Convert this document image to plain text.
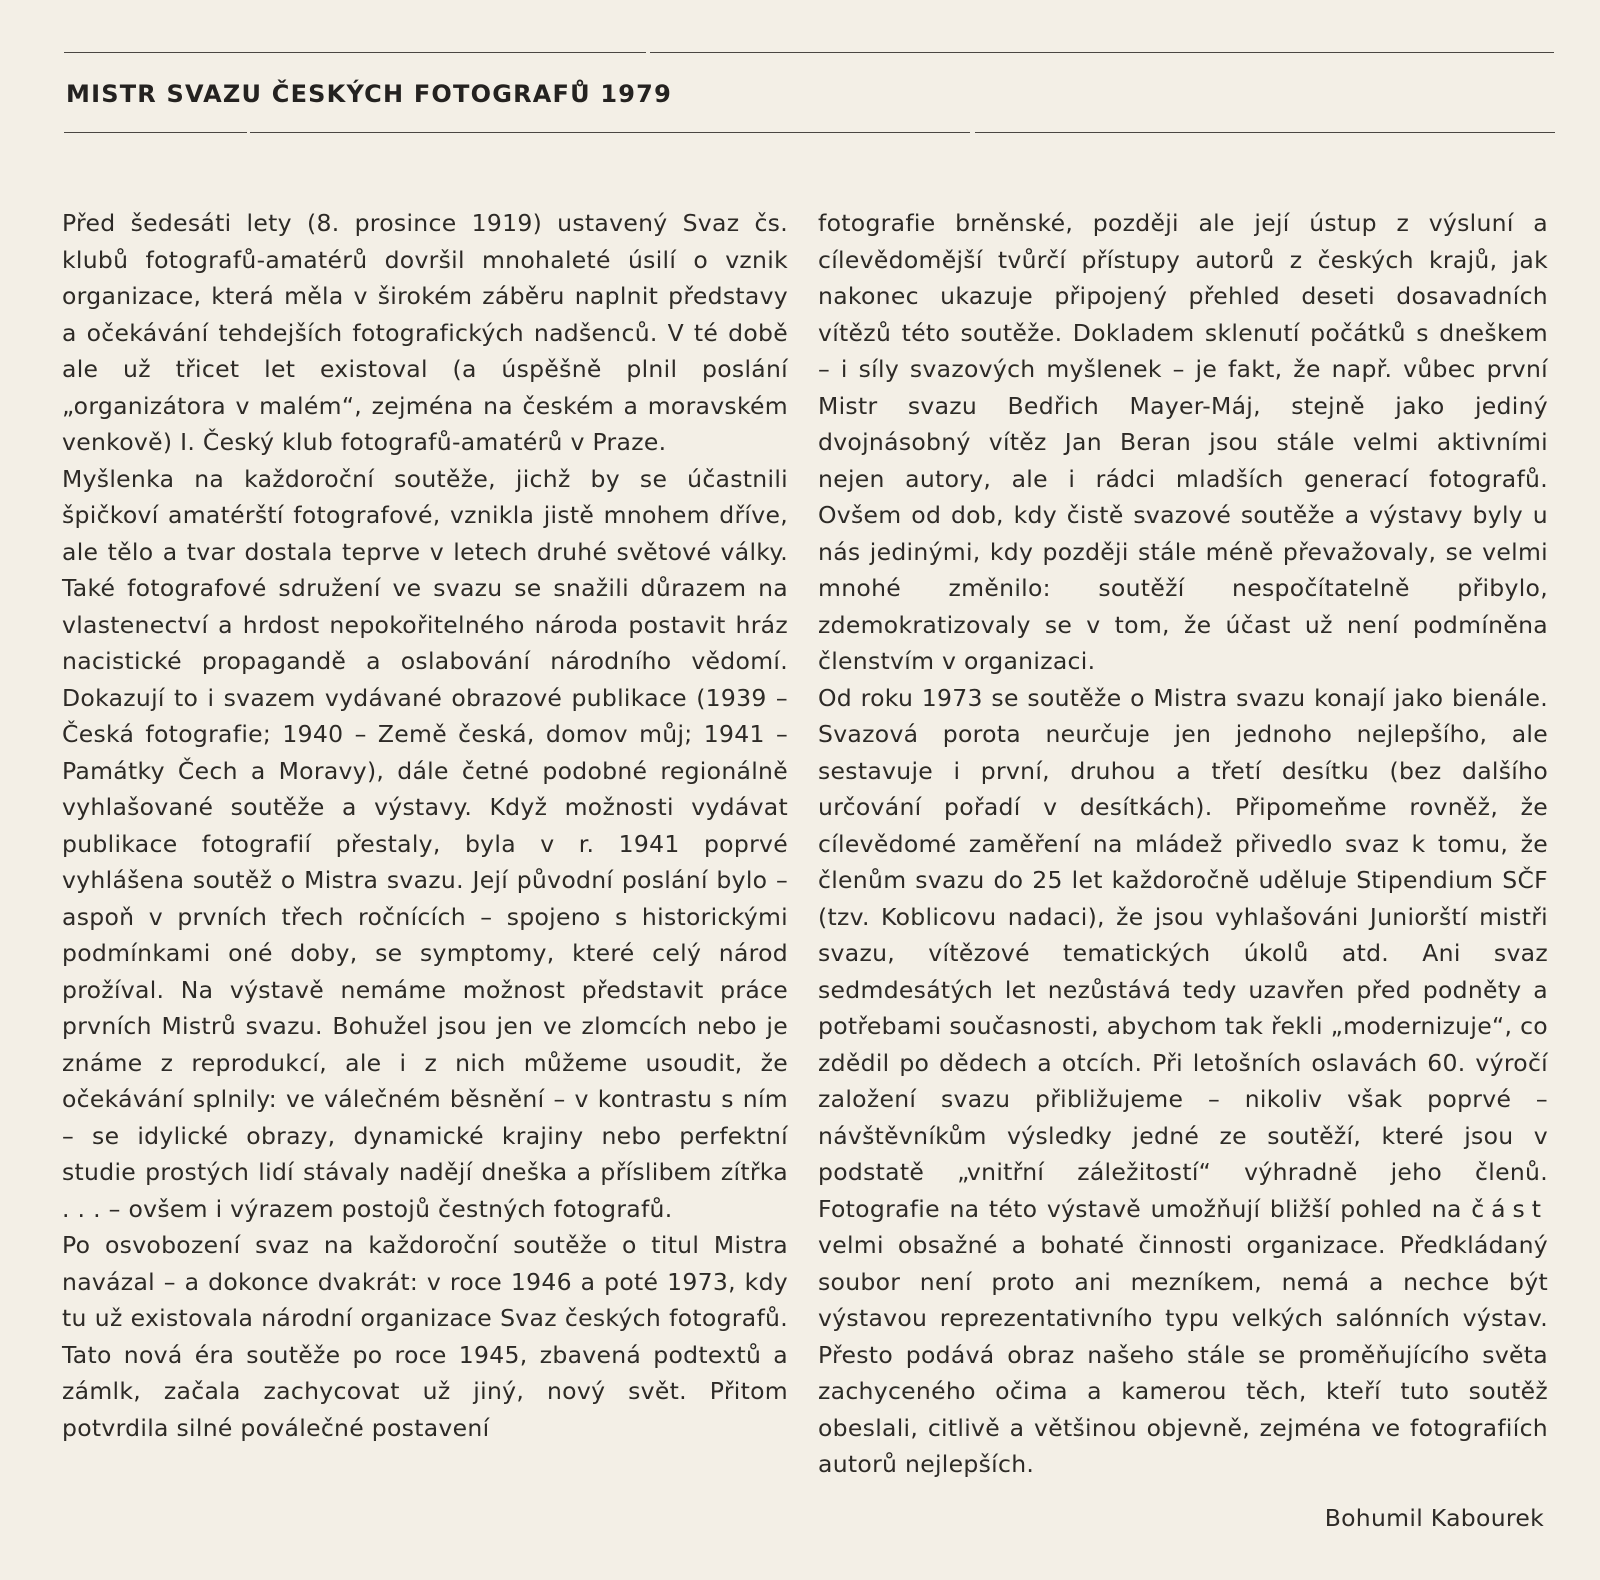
MISTR SVAZU ČESKÝCH FOTOGRAFŮ 1979

Před šedesáti lety (8. prosince 1919) ustavený Svaz čs. klubů fotografů-amatérů dovršil mnohaleté úsilí o vznik organizace, která měla v širokém záběru naplnit představy a očekávání tehdejších fotografických nadšenců. V té době ale už třicet let existoval (a úspěšně plnil poslání „organizátora v malém“, zejména na českém a moravském venkově) I. Český klub fotografů-amatérů v Praze.

Myšlenka na každoroční soutěže, jichž by se účastnili špičkoví amatérští fotografové, vznikla jistě mnohem dříve, ale tělo a tvar dostala teprve v letech druhé světové války. Také fotografové sdružení ve svazu se snažili důrazem na vlastenectví a hrdost nepokořitelného národa postavit hráz nacistické propagandě a oslabování národního vědomí. Dokazují to i svazem vydávané obrazové publikace (1939 – Česká fotografie; 1940 – Země česká, domov můj; 1941 – Památky Čech a Moravy), dále četné podobné regionálně vyhlašované soutěže a výstavy. Když možnosti vydávat publikace fotografií přestaly, byla v r. 1941 poprvé vyhlášena soutěž o Mistra svazu. Její původní poslání bylo – aspoň v prvních třech ročnících – spojeno s historickými podmínkami oné doby, se symptomy, které celý národ prožíval. Na výstavě nemáme možnost představit práce prvních Mistrů svazu. Bohužel jsou jen ve zlomcích nebo je známe z reprodukcí, ale i z nich můžeme usoudit, že očekávání splnily: ve válečném běsnění – v kontrastu s ním – se idylické obrazy, dynamické krajiny nebo perfektní studie prostých lidí stávaly nadějí dneška a příslibem zítřka . . . – ovšem i výrazem postojů čestných fotografů.

Po osvobození svaz na každoroční soutěže o titul Mistra navázal – a dokonce dvakrát: v roce 1946 a poté 1973, kdy tu už existovala národní organizace Svaz českých fotografů. Tato nová éra soutěže po roce 1945, zbavená podtextů a zámlk, začala zachycovat už jiný, nový svět. Přitom potvrdila silné poválečné postavení

fotografie brněnské, později ale její ústup z výsluní a cílevědomější tvůrčí přístupy autorů z českých krajů, jak nakonec ukazuje připojený přehled deseti dosavadních vítězů této soutěže. Dokladem sklenutí počátků s dneškem – i síly svazových myšlenek – je fakt, že např. vůbec první Mistr svazu Bedřich Mayer-Máj, stejně jako jediný dvojnásobný vítěz Jan Beran jsou stále velmi aktivními nejen autory, ale i rádci mladších generací fotografů. Ovšem od dob, kdy čistě svazové soutěže a výstavy byly u nás jedinými, kdy později stále méně převažovaly, se velmi mnohé změnilo: soutěží nespočítatelně přibylo, zdemokratizovaly se v tom, že účast už není podmíněna členstvím v organizaci.

Od roku 1973 se soutěže o Mistra svazu konají jako bienále. Svazová porota neurčuje jen jednoho nejlepšího, ale sestavuje i první, druhou a třetí desítku (bez dalšího určování pořadí v desítkách). Připomeňme rovněž, že cílevědomé zaměření na mládež přivedlo svaz k tomu, že členům svazu do 25 let každoročně uděluje Stipendium SČF (tzv. Koblicovu nadaci), že jsou vyhlašováni Juniorští mistři svazu, vítězové tematických úkolů atd. Ani svaz sedmdesátých let nezůstává tedy uzavřen před podněty a potřebami současnosti, abychom tak řekli „modernizuje“, co zdědil po dědech a otcích. Při letošních oslavách 60. výročí založení svazu přibližujeme – nikoliv však poprvé – návštěvníkům výsledky jedné ze soutěží, které jsou v podstatě „vnitřní záležitostí“ výhradně jeho členů. Fotografie na této výstavě umožňují bližší pohled na část velmi obsažné a bohaté činnosti organizace. Předkládaný soubor není proto ani mezníkem, nemá a nechce být výstavou reprezentativního typu velkých salónních výstav. Přesto podává obraz našeho stále se proměňujícího světa zachyceného očima a kamerou těch, kteří tuto soutěž obeslali, citlivě a většinou objevně, zejména ve fotografiích autorů nejlepších.

Bohumil Kabourek
